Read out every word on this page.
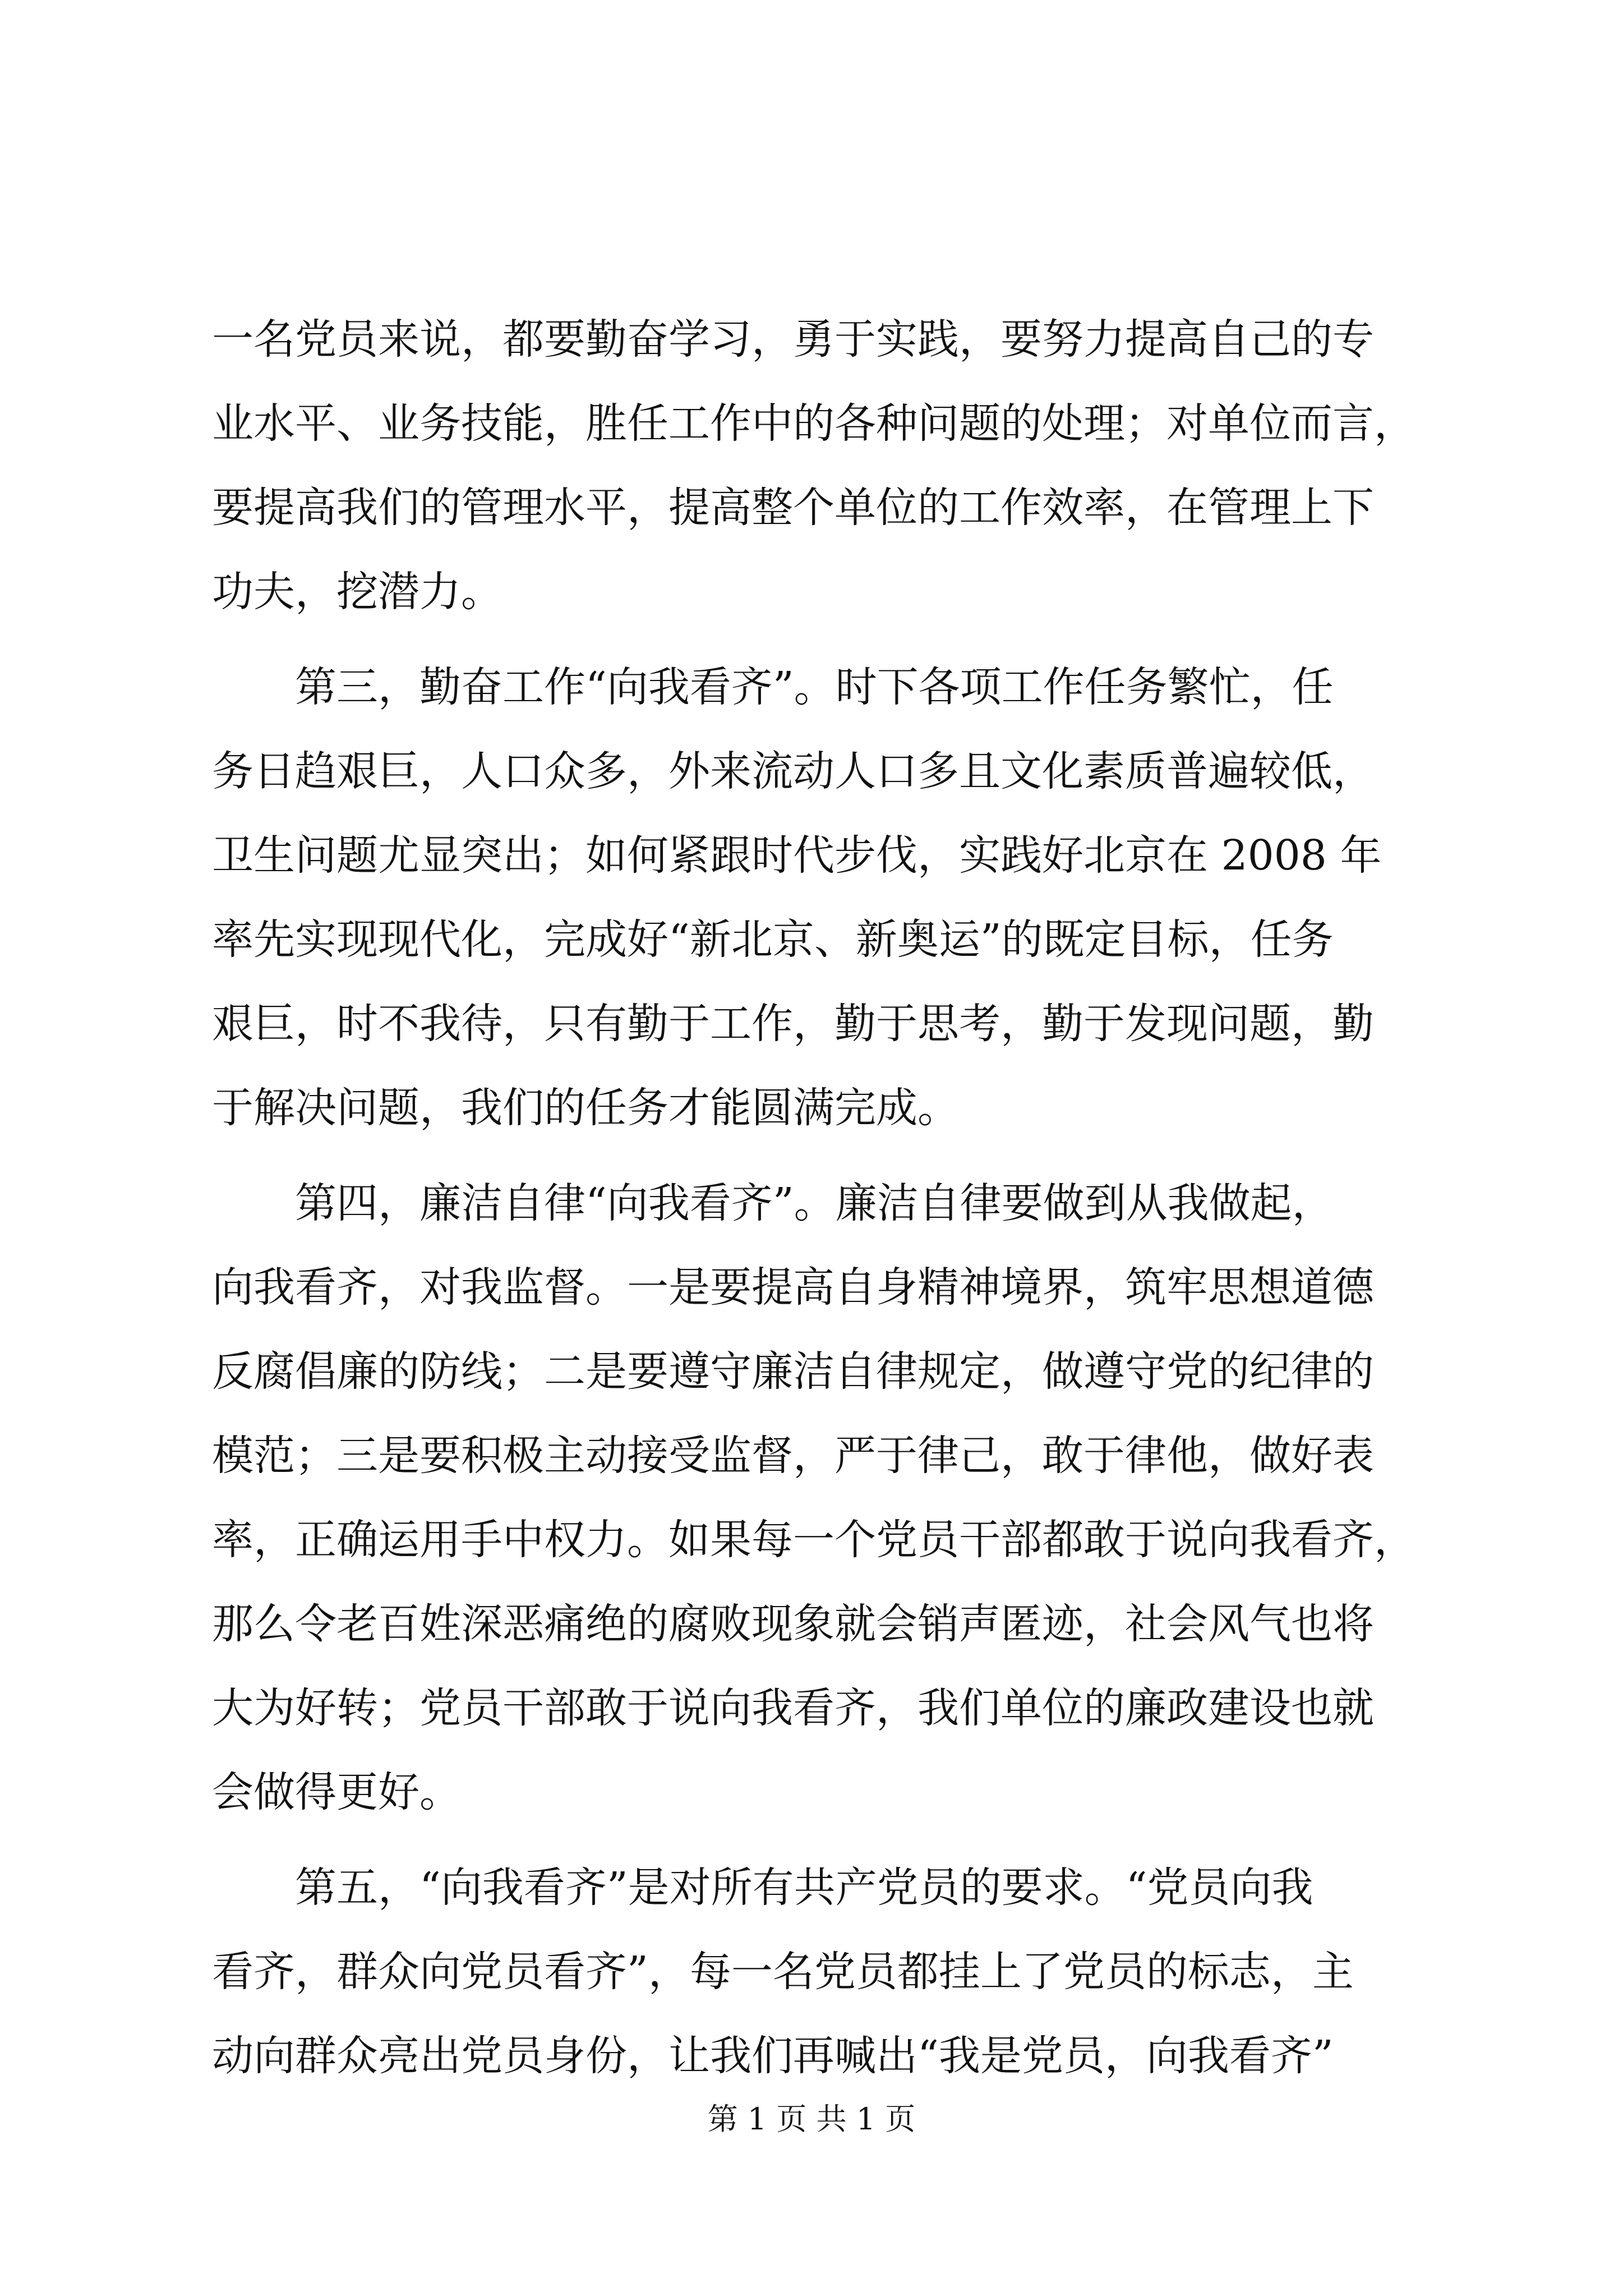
一名党员来说，都要勤奋学习，勇于实践，要努力提高自己的专
业水平、业务技能，胜任工作中的各种问题的处理；对单位而言，
要提高我们的管理水平，提高整个单位的工作效率，在管理上下
功夫，挖潜力。
　　第三，勤奋工作“向我看齐”。时下各项工作任务繁忙，任
务日趋艰巨，人口众多，外来流动人口多且文化素质普遍较低，
卫生问题尤显突出；如何紧跟时代步伐，实践好北京在 2008 年
率先实现现代化，完成好“新北京、新奥运”的既定目标，任务
艰巨，时不我待，只有勤于工作，勤于思考，勤于发现问题，勤
于解决问题，我们的任务才能圆满完成。
　　第四，廉洁自律“向我看齐”。廉洁自律要做到从我做起，
向我看齐，对我监督。一是要提高自身精神境界，筑牢思想道德
反腐倡廉的防线；二是要遵守廉洁自律规定，做遵守党的纪律的
模范；三是要积极主动接受监督，严于律己，敢于律他，做好表
率，正确运用手中权力。如果每一个党员干部都敢于说向我看齐，
那么令老百姓深恶痛绝的腐败现象就会销声匿迹，社会风气也将
大为好转；党员干部敢于说向我看齐，我们单位的廉政建设也就
会做得更好。
　　第五，“向我看齐”是对所有共产党员的要求。“党员向我
看齐，群众向党员看齐”，每一名党员都挂上了党员的标志，主
动向群众亮出党员身份，让我们再喊出“我是党员，向我看齐”
第 1 页 共 1 页
